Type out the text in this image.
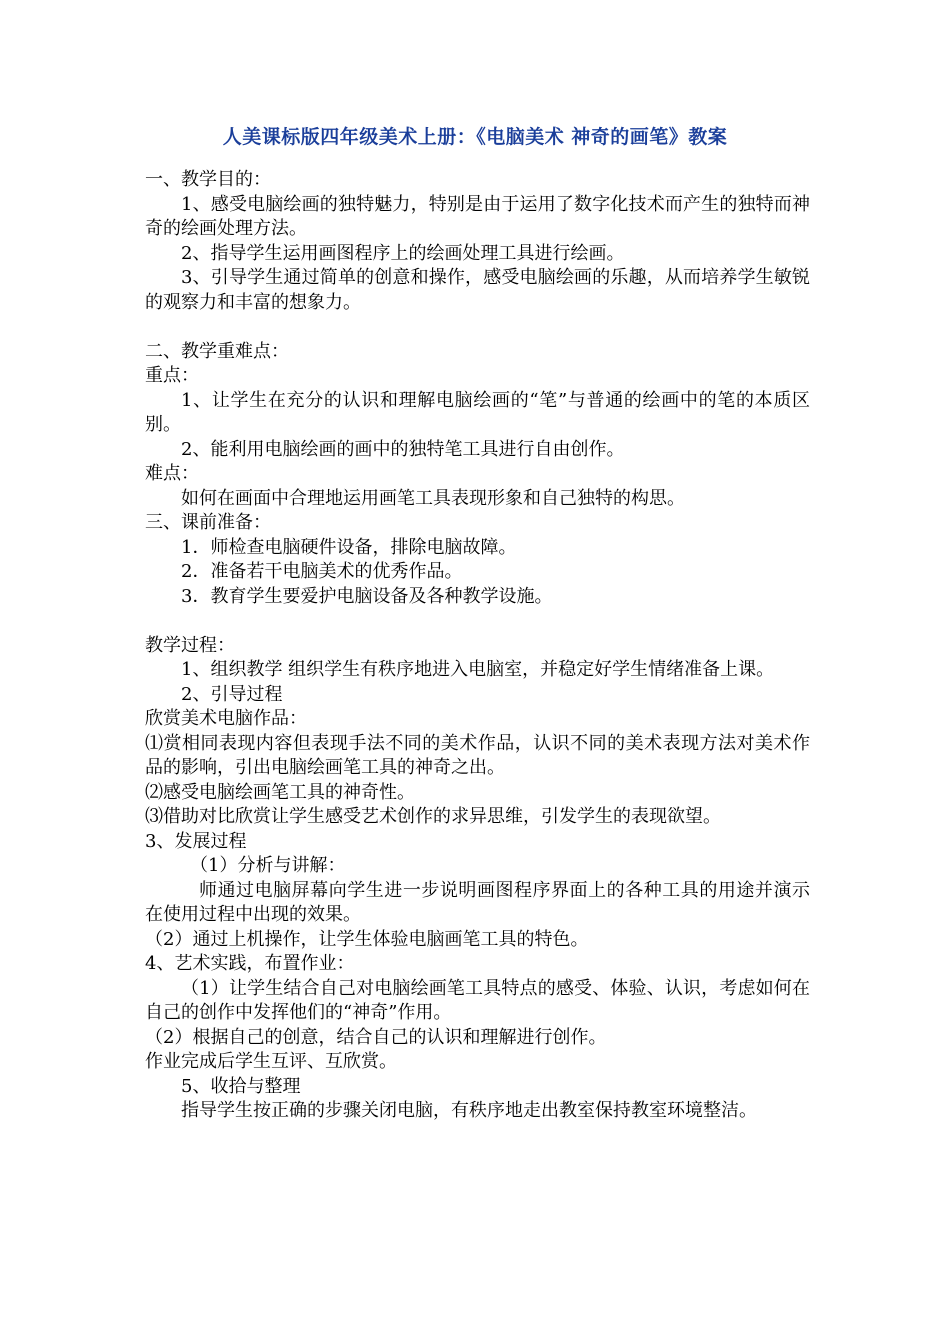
人美课标版四年级美术上册：《电脑美术 神奇的画笔》教案

一、教学目的：

1、感受电脑绘画的独特魅力，特别是由于运用了数字化技术而产生的独特而神奇的绘画处理方法。

2、指导学生运用画图程序上的绘画处理工具进行绘画。

3、引导学生通过简单的创意和操作，感受电脑绘画的乐趣，从而培养学生敏锐的观察力和丰富的想象力。

二、教学重难点：

重点：

1、让学生在充分的认识和理解电脑绘画的“笔”与普通的绘画中的笔的本质区别。

2、能利用电脑绘画的画中的独特笔工具进行自由创作。

难点：

如何在画面中合理地运用画笔工具表现形象和自己独特的构思。

三、课前准备：

1．师检查电脑硬件设备，排除电脑故障。

2．准备若干电脑美术的优秀作品。

3．教育学生要爱护电脑设备及各种教学设施。

教学过程：

1、组织教学 组织学生有秩序地进入电脑室，并稳定好学生情绪准备上课。

2、引导过程

欣赏美术电脑作品：

⑴赏相同表现内容但表现手法不同的美术作品，认识不同的美术表现方法对美术作品的影响，引出电脑绘画笔工具的神奇之出。

⑵感受电脑绘画笔工具的神奇性。

⑶借助对比欣赏让学生感受艺术创作的求异思维，引发学生的表现欲望。

3、发展过程

（1）分析与讲解：

师通过电脑屏幕向学生进一步说明画图程序界面上的各种工具的用途并演示在使用过程中出现的效果。

（2）通过上机操作，让学生体验电脑画笔工具的特色。

4、艺术实践，布置作业：

（1）让学生结合自己对电脑绘画笔工具特点的感受、体验、认识，考虑如何在自己的创作中发挥他们的“神奇”作用。

（2）根据自己的创意，结合自己的认识和理解进行创作。

作业完成后学生互评、互欣赏。

5、收拾与整理

指导学生按正确的步骤关闭电脑，有秩序地走出教室保持教室环境整洁。
